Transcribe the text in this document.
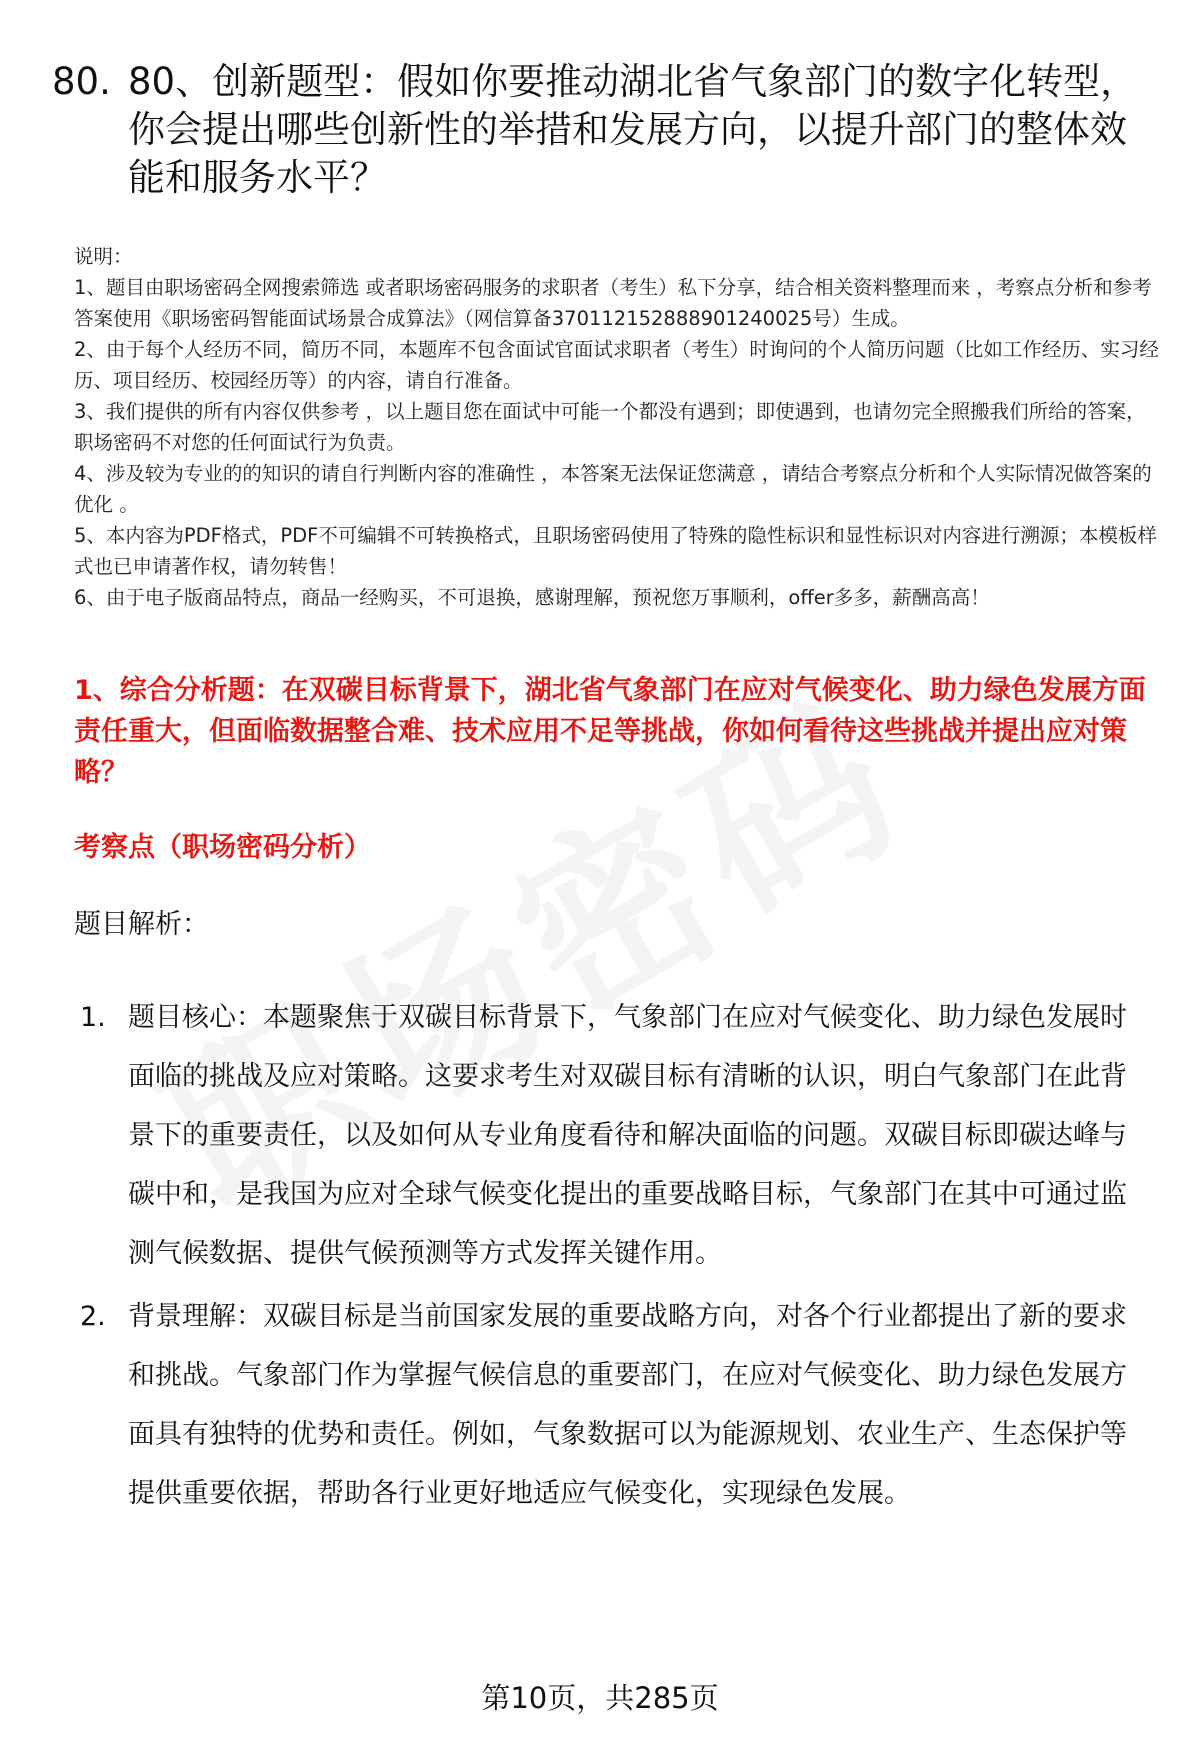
80. 80、创新题型：假如你要推动湖北省气象部门的数字化转型，你会提出哪些创新性的举措和发展方向，以提升部门的整体效能和服务水平？

说明：

1、题目由职场密码全网搜索筛选 或者职场密码服务的求职者（考生）私下分享，结合相关资料整理而来 ，考察点分析和参考答案使用《职场密码智能面试场景合成算法》（网信算备370112152888901240025号）生成。

2、由于每个人经历不同，简历不同，本题库不包含面试官面试求职者（考生）时询问的个人简历问题（比如工作经历、实习经历、项目经历、校园经历等）的内容，请自行准备。

3、我们提供的所有内容仅供参考 ，以上题目您在面试中可能一个都没有遇到；即使遇到，也请勿完全照搬我们所给的答案，职场密码不对您的任何面试行为负责。

4、涉及较为专业的的知识的请自行判断内容的准确性 ，本答案无法保证您满意 ，请结合考察点分析和个人实际情况做答案的优化 。

5、本内容为PDF格式，PDF不可编辑不可转换格式，且职场密码使用了特殊的隐性标识和显性标识对内容进行溯源；本模板样式也已申请著作权，请勿转售！

6、由于电子版商品特点，商品一经购买，不可退换，感谢理解，预祝您万事顺利，offer多多，薪酬高高！

1、综合分析题：在双碳目标背景下，湖北省气象部门在应对气候变化、助力绿色发展方面责任重大，但面临数据整合难、技术应用不足等挑战，你如何看待这些挑战并提出应对策略？
考察点（职场密码分析）
题目解析：
1. 题目核心：本题聚焦于双碳目标背景下，气象部门在应对气候变化、助力绿色发展时面临的挑战及应对策略。这要求考生对双碳目标有清晰的认识，明白气象部门在此背景下的重要责任，以及如何从专业角度看待和解决面临的问题。双碳目标即碳达峰与碳中和，是我国为应对全球气候变化提出的重要战略目标，气象部门在其中可通过监测气候数据、提供气候预测等方式发挥关键作用。
2. 背景理解：双碳目标是当前国家发展的重要战略方向，对各个行业都提出了新的要求和挑战。气象部门作为掌握气候信息的重要部门，在应对气候变化、助力绿色发展方面具有独特的优势和责任。例如，气象数据可以为能源规划、农业生产、生态保护等提供重要依据，帮助各行业更好地适应气候变化，实现绿色发展。
第10页，共285页
